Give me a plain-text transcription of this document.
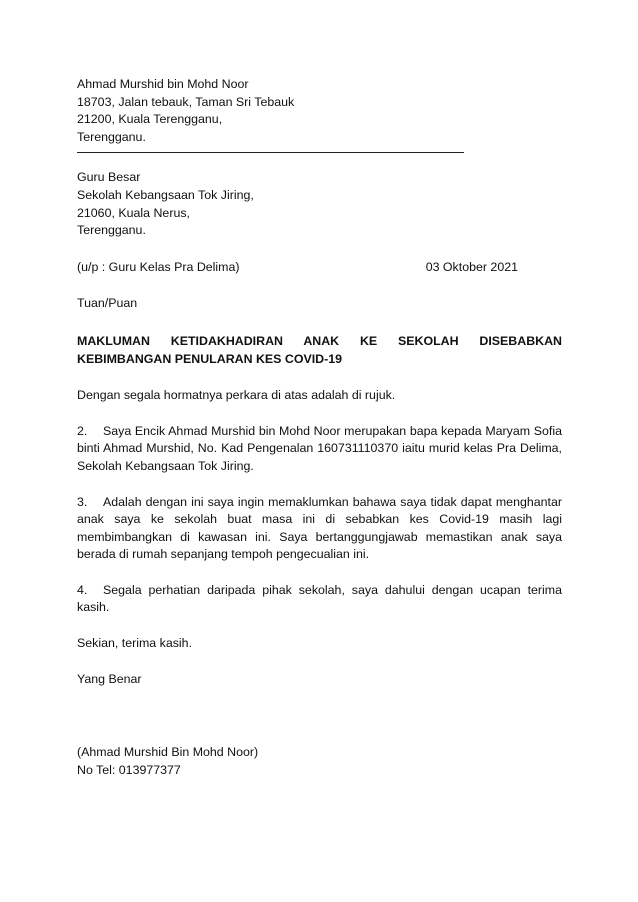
Ahmad Murshid bin Mohd Noor
18703, Jalan tebauk, Taman Sri Tebauk
21200, Kuala Terengganu,
Terengganu.
Guru Besar
Sekolah Kebangsaan Tok Jiring,
21060, Kuala Nerus,
Terengganu.
(u/p : Guru Kelas Pra Delima)	03 Oktober 2021
Tuan/Puan
MAKLUMAN KETIDAKHADIRAN ANAK KE SEKOLAH DISEBABKAN KEBIMBANGAN PENULARAN KES COVID-19
Dengan segala hormatnya perkara di atas adalah di rujuk.
2. Saya Encik Ahmad Murshid bin Mohd Noor merupakan bapa kepada Maryam Sofia binti Ahmad Murshid, No. Kad Pengenalan 160731110370 iaitu murid kelas Pra Delima, Sekolah Kebangsaan Tok Jiring.
3. Adalah dengan ini saya ingin memaklumkan bahawa saya tidak dapat menghantar anak saya ke sekolah buat masa ini di sebabkan kes Covid-19 masih lagi membimbangkan di kawasan ini. Saya bertanggungjawab memastikan anak saya berada di rumah sepanjang tempoh pengecualian ini.
4. Segala perhatian daripada pihak sekolah, saya dahului dengan ucapan terima kasih.
Sekian, terima kasih.
Yang Benar
(Ahmad Murshid Bin Mohd Noor)
No Tel: 013977377
